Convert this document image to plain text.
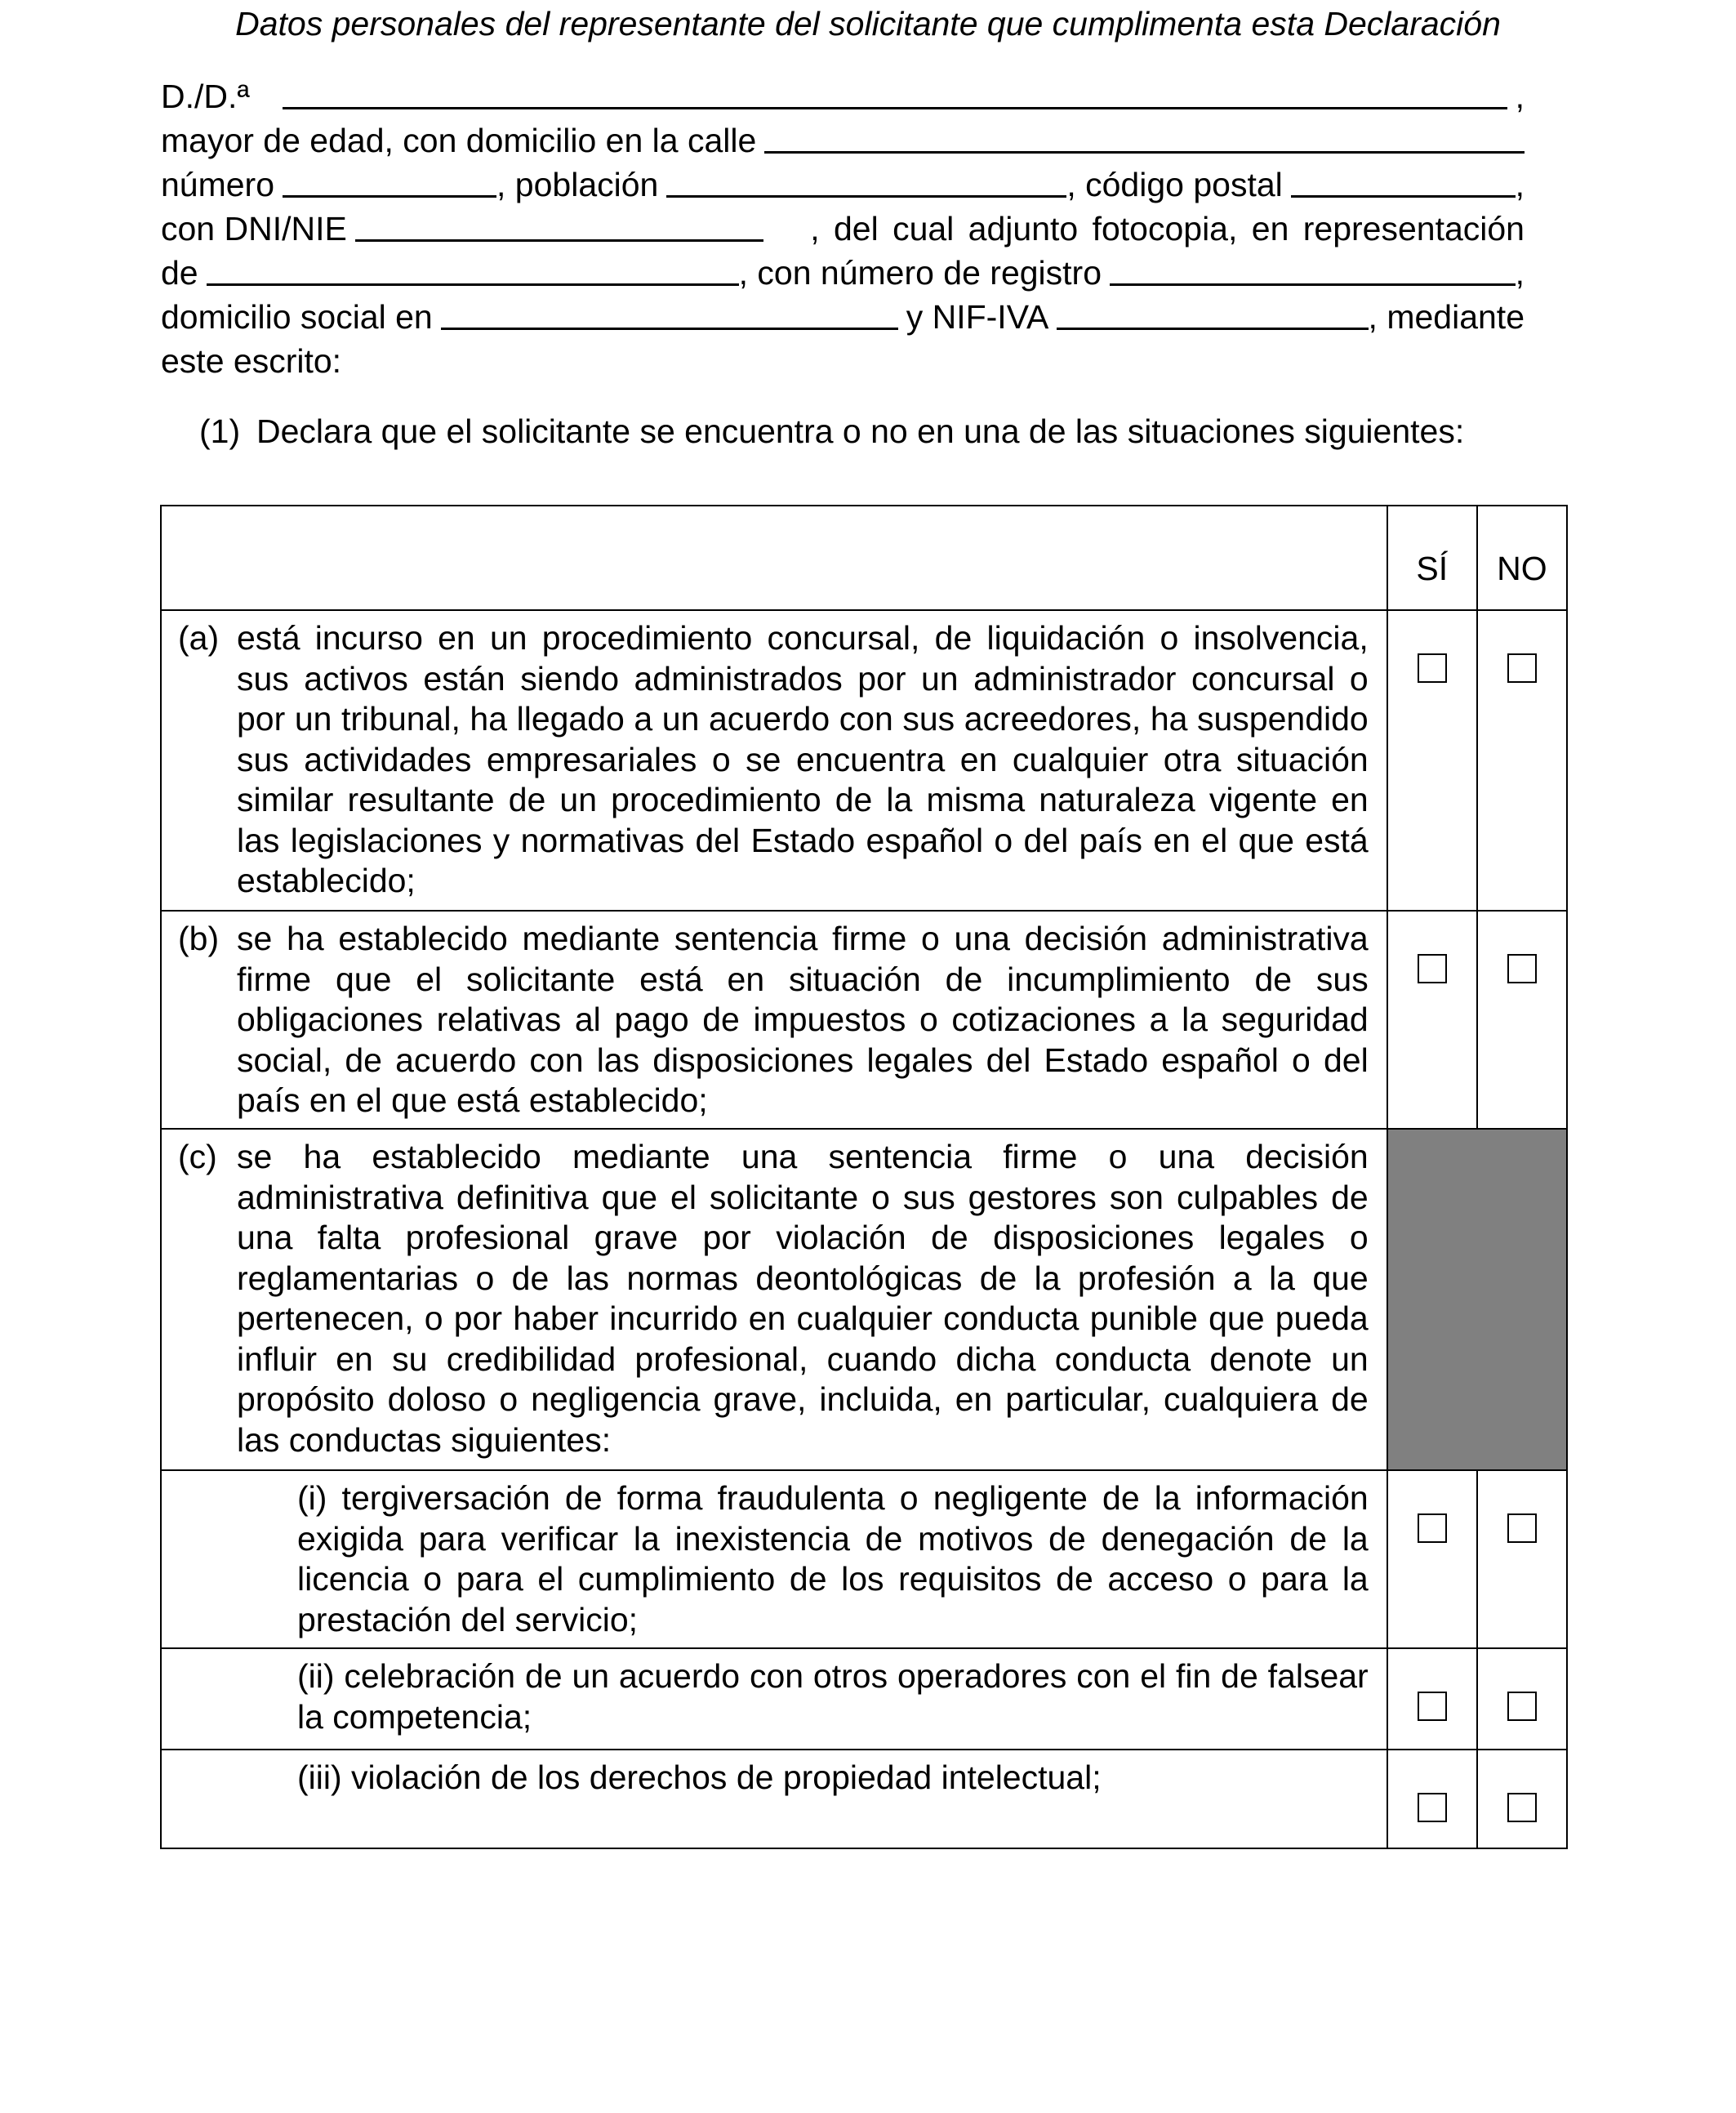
Datos personales del representante del solicitante que cumplimenta esta Declaración
D./D.ª	,
mayor de edad, con domicilio en la calle
número	, población	, código postal	,
con DNI/NIE	, del cual adjunto fotocopia, en representación
de	, con número de registro	,
domicilio social en	y NIF-IVA	, mediante
este escrito:
(1) Declara que el solicitante se encuentra o no en una de las situaciones siguientes:
	SÍ	NO

(a) está incurso en un procedimiento concursal, de liquidación o insolvencia, sus activos están siendo administrados por un administrador concursal o por un tribunal, ha llegado a un acuerdo con sus acreedores, ha suspendido sus actividades empresariales o se encuentra en cualquier otra situación similar resultante de un procedimiento de la misma naturaleza vigente en las legislaciones y normativas del Estado español o del país en el que está establecido;		

(b) se ha establecido mediante sentencia firme o una decisión administrativa firme que el solicitante está en situación de incumplimiento de sus obligaciones relativas al pago de impuestos o cotizaciones a la seguridad social, de acuerdo con las disposiciones legales del Estado español o del país en el que está establecido;		

(c) se ha establecido mediante una sentencia firme o una decisión administrativa definitiva que el solicitante o sus gestores son culpables de una falta profesional grave por violación de disposiciones legales o reglamentarias o de las normas deontológicas de la profesión a la que pertenecen, o por haber incurrido en cualquier conducta punible que pueda influir en su credibilidad profesional, cuando dicha conducta denote un propósito doloso o negligencia grave, incluida, en particular, cualquiera de las conductas siguientes:		

(i) tergiversación de forma fraudulenta o negligente de la información exigida para verificar la inexistencia de motivos de denegación de la licencia o para el cumplimiento de los requisitos de acceso o para la prestación del servicio;		

(ii) celebración de un acuerdo con otros operadores con el fin de falsear la competencia;		

(iii) violación de los derechos de propiedad intelectual;		
